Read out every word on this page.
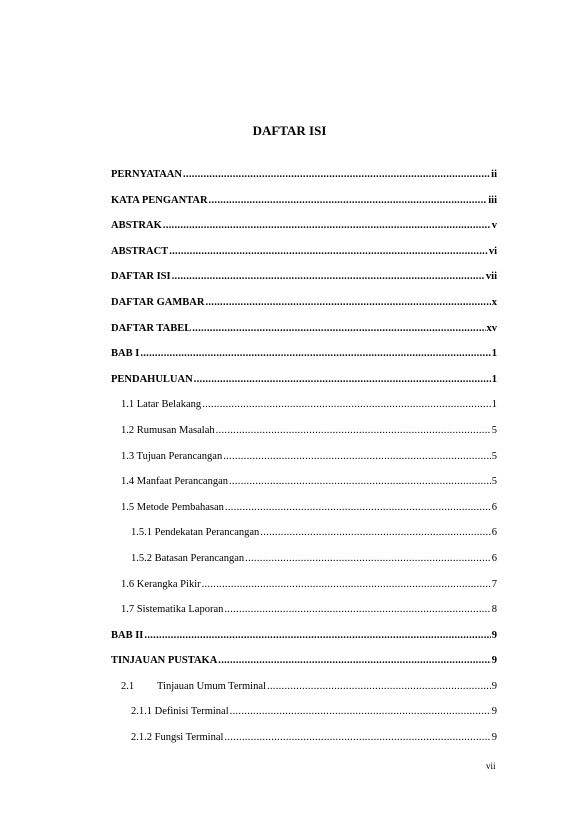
DAFTAR ISI
PERNYATAAN .....	ii
KATA PENGANTAR .....	iii
ABSTRAK .....	v
ABSTRACT .....	vi
DAFTAR ISI .....	vii
DAFTAR GAMBAR .....	x
DAFTAR TABEL .....	xv
BAB I .....	1
PENDAHULUAN .....	1
1.1 Latar Belakang .....	1
1.2 Rumusan Masalah .....	5
1.3 Tujuan Perancangan .....	5
1.4 Manfaat Perancangan .....	5
1.5 Metode Pembahasan .....	6
1.5.1 Pendekatan Perancangan .....	6
1.5.2 Batasan Perancangan .....	6
1.6 Kerangka Pikir .....	7
1.7 Sistematika Laporan .....	8
BAB II .....	9
TINJAUAN PUSTAKA .....	9
2.1 Tinjauan Umum Terminal .....	9
2.1.1 Definisi Terminal .....	9
2.1.2 Fungsi Terminal .....	9
vii
